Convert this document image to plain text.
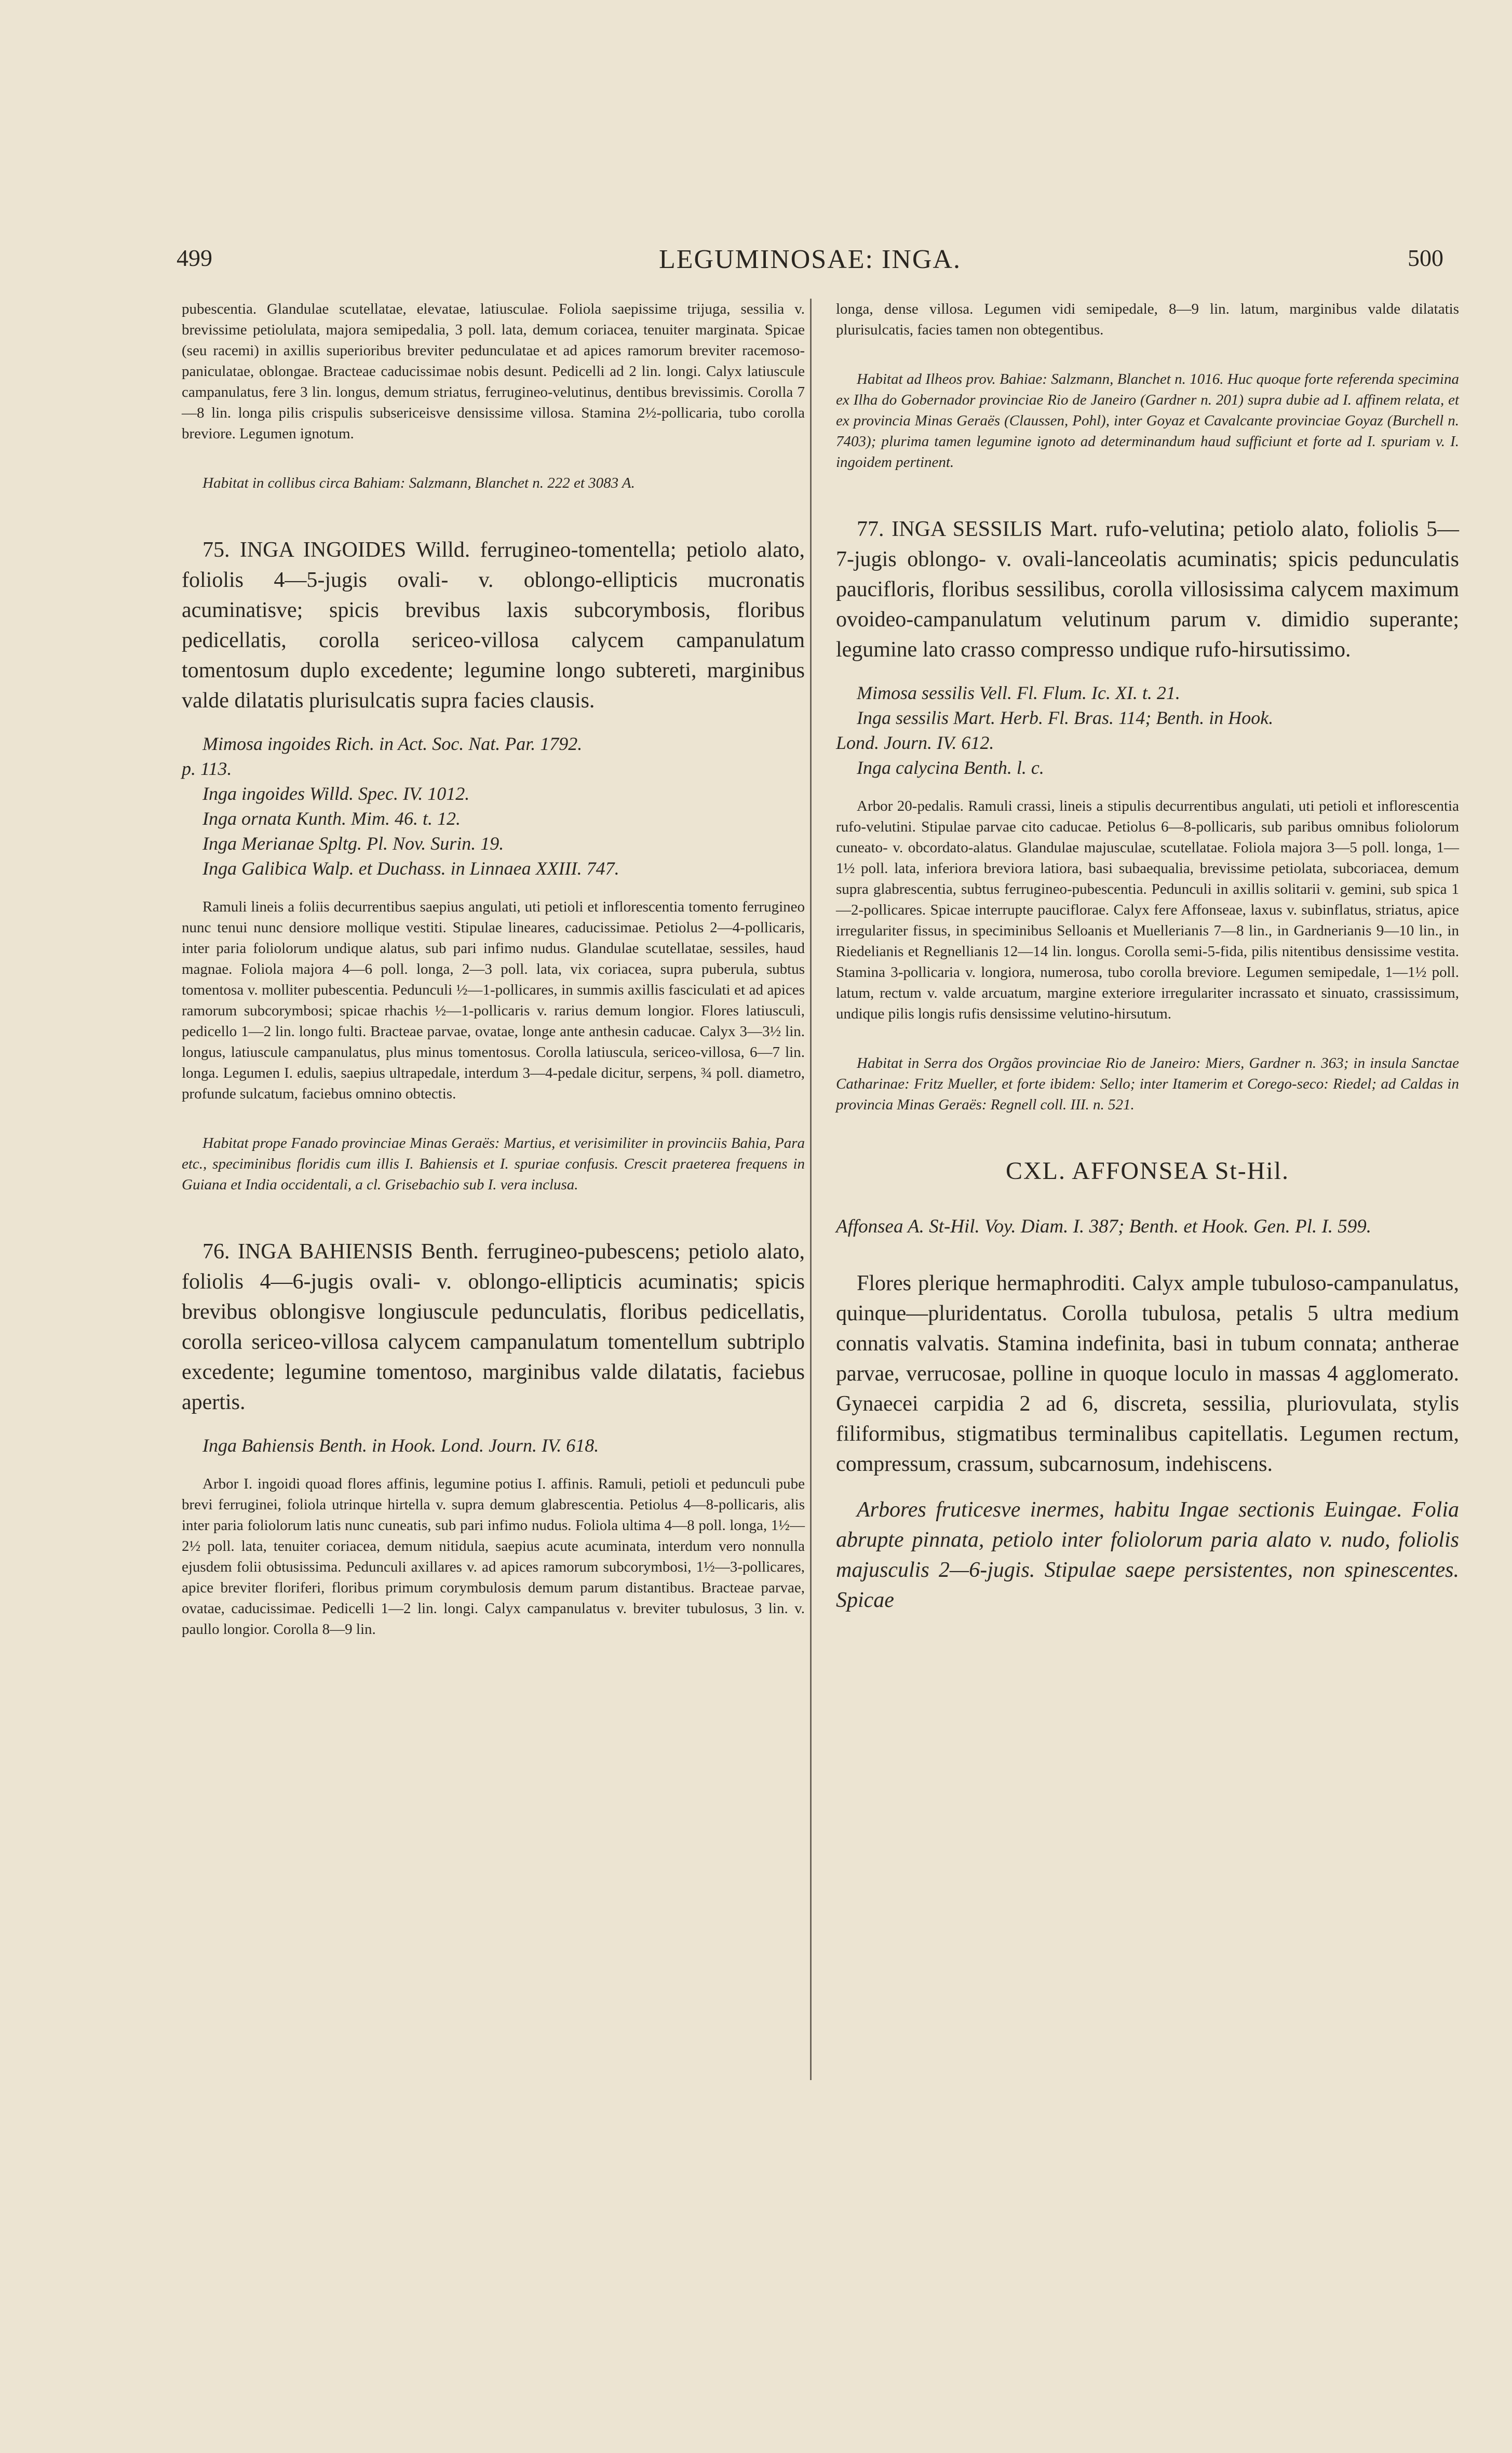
499	LEGUMINOSAE: INGA.	500

pubescentia. Glandulae scutellatae, elevatae, latiusculae. Foliola saepissime trijuga, sessilia v. brevissime petiolulata, majora semipedalia, 3 poll. lata, demum coriacea, tenuiter marginata. Spicae (seu racemi) in axillis superioribus breviter pedunculatae et ad apices ramorum breviter racemoso-paniculatae, oblongae. Bracteae caducissimae nobis desunt. Pedicelli ad 2 lin. longi. Calyx latiuscule campanulatus, fere 3 lin. longus, demum striatus, ferrugineo-velutinus, dentibus brevissimis. Corolla 7—8 lin. longa pilis crispulis subsericeisve densissime villosa. Stamina 2½-pollicaria, tubo corolla breviore. Legumen ignotum.

Habitat in collibus circa Bahiam: Salzmann, Blanchet n. 222 et 3083 A.

75. INGA INGOIDES Willd. ferrugineo-tomentella; petiolo alato, foliolis 4—5-jugis ovali- v. oblongo-ellipticis mucronatis acuminatisve; spicis brevibus laxis subcorymbosis, floribus pedicellatis, corolla sericeo-villosa calycem campanulatum tomentosum duplo excedente; legumine longo subtereti, marginibus valde dilatatis plurisulcatis supra facies clausis.

Mimosa ingoides Rich. in Act. Soc. Nat. Par. 1792.
p. 113.
Inga ingoides Willd. Spec. IV. 1012.
Inga ornata Kunth. Mim. 46. t. 12.
Inga Merianae Spltg. Pl. Nov. Surin. 19.
Inga Galibica Walp. et Duchass. in Linnaea XXIII. 747.

Ramuli lineis a foliis decurrentibus saepius angulati, uti petioli et inflorescentia tomento ferrugineo nunc tenui nunc densiore mollique vestiti. Stipulae lineares, caducissimae. Petiolus 2—4-pollicaris, inter paria foliolorum undique alatus, sub pari infimo nudus. Glandulae scutellatae, sessiles, haud magnae. Foliola majora 4—6 poll. longa, 2—3 poll. lata, vix coriacea, supra puberula, subtus tomentosa v. molliter pubescentia. Pedunculi ½—1-pollicares, in summis axillis fasciculati et ad apices ramorum subcorymbosi; spicae rhachis ½—1-pollicaris v. rarius demum longior. Flores latiusculi, pedicello 1—2 lin. longo fulti. Bracteae parvae, ovatae, longe ante anthesin caducae. Calyx 3—3½ lin. longus, latiuscule campanulatus, plus minus tomentosus. Corolla latiuscula, sericeo-villosa, 6—7 lin. longa. Legumen I. edulis, saepius ultrapedale, interdum 3—4-pedale dicitur, serpens, ¾ poll. diametro, profunde sulcatum, faciebus omnino obtectis.

Habitat prope Fanado provinciae Minas Geraës: Martius, et verisimiliter in provinciis Bahia, Para etc., speciminibus floridis cum illis I. Bahiensis et I. spuriae confusis. Crescit praeterea frequens in Guiana et India occidentali, a cl. Grisebachio sub I. vera inclusa.

76. INGA BAHIENSIS Benth. ferrugineo-pubescens; petiolo alato, foliolis 4—6-jugis ovali- v. oblongo-ellipticis acuminatis; spicis brevibus oblongisve longiuscule pedunculatis, floribus pedicellatis, corolla sericeo-villosa calycem campanulatum tomentellum subtriplo excedente; legumine tomentoso, marginibus valde dilatatis, faciebus apertis.

Inga Bahiensis Benth. in Hook. Lond. Journ. IV. 618.

Arbor I. ingoidi quoad flores affinis, legumine potius I. affinis. Ramuli, petioli et pedunculi pube brevi ferruginei, foliola utrinque hirtella v. supra demum glabrescentia. Petiolus 4—8-pollicaris, alis inter paria foliolorum latis nunc cuneatis, sub pari infimo nudus. Foliola ultima 4—8 poll. longa, 1½—2½ poll. lata, tenuiter coriacea, demum nitidula, saepius acute acuminata, interdum vero nonnulla ejusdem folii obtusissima. Pedunculi axillares v. ad apices ramorum subcorymbosi, 1½—3-pollicares, apice breviter floriferi, floribus primum corymbulosis demum parum distantibus. Bracteae parvae, ovatae, caducissimae. Pedicelli 1—2 lin. longi. Calyx campanulatus v. breviter tubulosus, 3 lin. v. paullo longior. Corolla 8—9 lin.

longa, dense villosa. Legumen vidi semipedale, 8—9 lin. latum, marginibus valde dilatatis plurisulcatis, facies tamen non obtegentibus.

Habitat ad Ilheos prov. Bahiae: Salzmann, Blanchet n. 1016. Huc quoque forte referenda specimina ex Ilha do Gobernador provinciae Rio de Janeiro (Gardner n. 201) supra dubie ad I. affinem relata, et ex provincia Minas Geraës (Claussen, Pohl), inter Goyaz et Cavalcante provinciae Goyaz (Burchell n. 7403); plurima tamen legumine ignoto ad determinandum haud sufficiunt et forte ad I. spuriam v. I. ingoidem pertinent.

77. INGA SESSILIS Mart. rufo-velutina; petiolo alato, foliolis 5—7-jugis oblongo- v. ovali-lanceolatis acuminatis; spicis pedunculatis paucifloris, floribus sessilibus, corolla villosissima calycem maximum ovoideo-campanulatum velutinum parum v. dimidio superante; legumine lato crasso compresso undique rufo-hirsutissimo.

Mimosa sessilis Vell. Fl. Flum. Ic. XI. t. 21.
Inga sessilis Mart. Herb. Fl. Bras. 114; Benth. in Hook.
Lond. Journ. IV. 612.
Inga calycina Benth. l. c.

Arbor 20-pedalis. Ramuli crassi, lineis a stipulis decurrentibus angulati, uti petioli et inflorescentia rufo-velutini. Stipulae parvae cito caducae. Petiolus 6—8-pollicaris, sub paribus omnibus foliolorum cuneato- v. obcordato-alatus. Glandulae majusculae, scutellatae. Foliola majora 3—5 poll. longa, 1—1½ poll. lata, inferiora breviora latiora, basi subaequalia, brevissime petiolata, subcoriacea, demum supra glabrescentia, subtus ferrugineo-pubescentia. Pedunculi in axillis solitarii v. gemini, sub spica 1—2-pollicares. Spicae interrupte pauciflorae. Calyx fere Affonseae, laxus v. subinflatus, striatus, apice irregulariter fissus, in speciminibus Selloanis et Muellerianis 7—8 lin., in Gardnerianis 9—10 lin., in Riedelianis et Regnellianis 12—14 lin. longus. Corolla semi-5-fida, pilis nitentibus densissime vestita. Stamina 3-pollicaria v. longiora, numerosa, tubo corolla breviore. Legumen semipedale, 1—1½ poll. latum, rectum v. valde arcuatum, margine exteriore irregulariter incrassato et sinuato, crassissimum, undique pilis longis rufis densissime velutino-hirsutum.

Habitat in Serra dos Orgãos provinciae Rio de Janeiro: Miers, Gardner n. 363; in insula Sanctae Catharinae: Fritz Mueller, et forte ibidem: Sello; inter Itamerim et Corego-seco: Riedel; ad Caldas in provincia Minas Geraës: Regnell coll. III. n. 521.

CXL. AFFONSEA St-Hil.

Affonsea A. St-Hil. Voy. Diam. I. 387; Benth. et Hook. Gen. Pl. I. 599.

Flores plerique hermaphroditi. Calyx ample tubuloso-campanulatus, quinque—pluridentatus. Corolla tubulosa, petalis 5 ultra medium connatis valvatis. Stamina indefinita, basi in tubum connata; antherae parvae, verrucosae, polline in quoque loculo in massas 4 agglomerato. Gynaecei carpidia 2 ad 6, discreta, sessilia, pluriovulata, stylis filiformibus, stigmatibus terminalibus capitellatis. Legumen rectum, compressum, crassum, subcarnosum, indehiscens.

Arbores fruticesve inermes, habitu Ingae sectionis Euingae. Folia abrupte pinnata, petiolo inter foliolorum paria alato v. nudo, foliolis majusculis 2—6-jugis. Stipulae saepe persistentes, non spinescentes. Spicae
